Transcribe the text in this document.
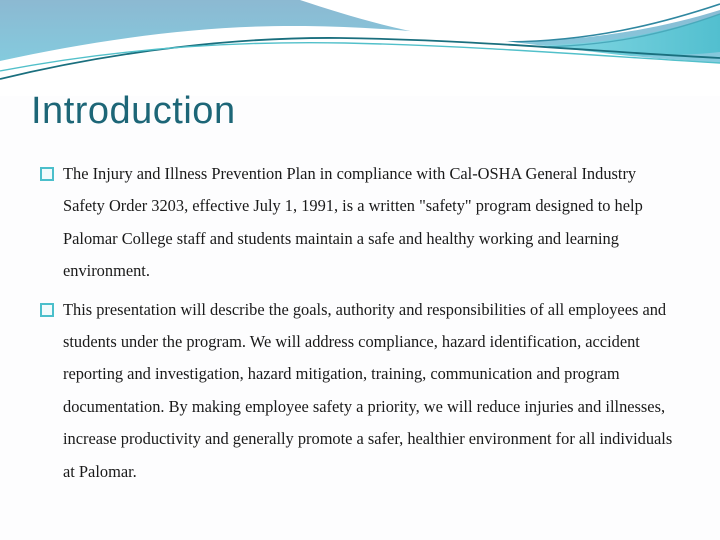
Introduction
The Injury and Illness Prevention Plan in compliance with Cal-OSHA General Industry Safety Order 3203, effective July 1, 1991, is a written "safety" program designed to help Palomar College staff and students maintain a safe and healthy working and learning environment.
This presentation will describe the goals, authority and responsibilities of all employees and students under the program. We will address compliance, hazard identification, accident reporting and investigation, hazard mitigation, training, communication and program documentation. By making employee safety a priority, we will reduce injuries and illnesses, increase productivity and generally promote a safer, healthier environment for all individuals at Palomar.
